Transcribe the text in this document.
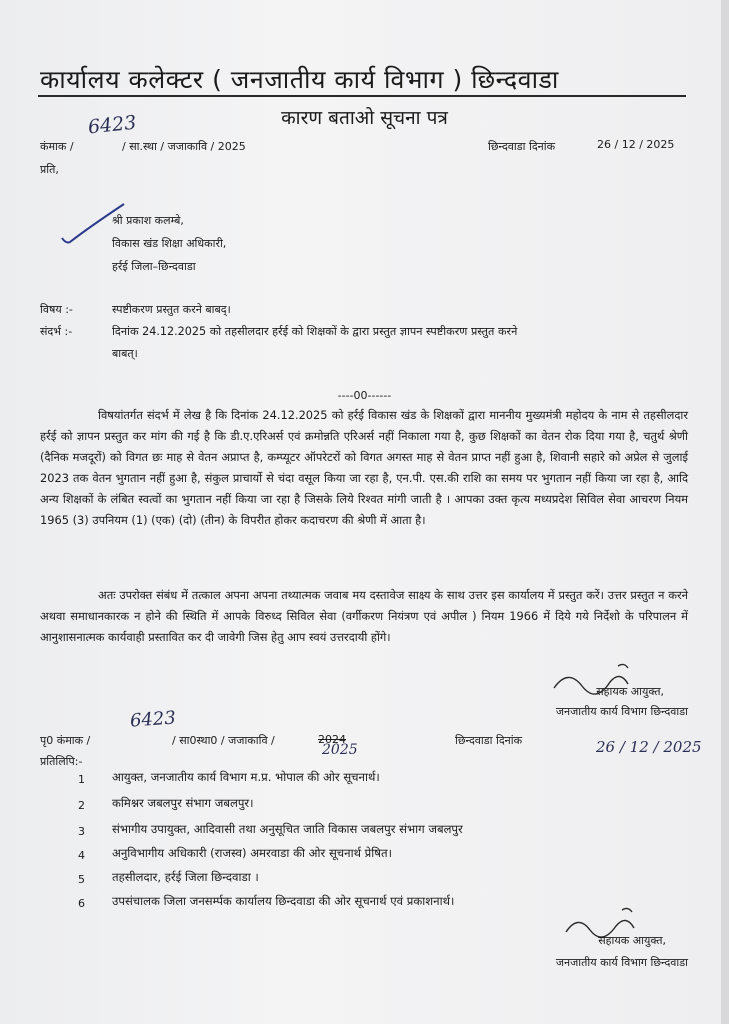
कार्यालय कलेक्टर ( जनजातीय कार्य विभाग ) छिन्दवाडा
कारण बताओ सूचना पत्र
कंमाक /
6423
/ सा.स्था / जजाकावि / 2025	छिन्दवाडा दिनांक	26 / 12 / 2025
प्रति,
श्री प्रकाश कलम्बे,
विकास खंड शिक्षा अधिकारी,
हर्रई जिला–छिन्दवाडा
विषय :-	स्पष्टीकरण प्रस्तुत करने बाबद्।
संदर्भ :-	दिनांक 24.12.2025 को तहसीलदार हर्रई को शिक्षकों के द्वारा प्रस्तुत ज्ञापन स्पष्टीकरण प्रस्तुत करने
बाबत्।
----00------
विषयांतर्गत संदर्भ में लेख है कि दिनांक 24.12.2025 को हर्रई विकास खंड के शिक्षकों द्वारा माननीय मुख्यमंत्री महोदय के नाम से तहसीलदार हर्रई को ज्ञापन प्रस्तुत कर मांग की गई है कि डी.ए.एरिअर्स एवं क्रमोन्नति एरिअर्स नहीं निकाला गया है, कुछ शिक्षकों का वेतन रोक दिया गया है, चतुर्थ श्रेणी (दैनिक मजदूरों) को विगत छः माह से वेतन अप्राप्त है, कम्प्यूटर ऑपरेटरों को विगत अगस्त माह से वेतन प्राप्त नहीं हुआ है, शिवानी सहारे को अप्रेल से जुलाई 2023 तक वेतन भुगतान नहीं हुआ है, संकुल प्राचार्यो से चंदा वसूल किया जा रहा है, एन.पी. एस.की राशि का समय पर भुगतान नहीं किया जा रहा है, आदि अन्य शिक्षकों के लंबित स्वत्वों का भुगतान नहीं किया जा रहा है जिसके लिये रिश्वत मांगी जाती है । आपका उक्त कृत्य मध्यप्रदेश सिविल सेवा आचरण नियम 1965 (3) उपनियम (1) (एक) (दो) (तीन) के विपरीत होकर कदाचरण की श्रेणी में आता है।
अतः उपरोक्त संबंध में तत्काल अपना अपना तथ्यात्मक जवाब मय दस्तावेज साक्ष्य के साथ उत्तर इस कार्यालय में प्रस्तुत करें। उत्तर प्रस्तुत न करने अथवा समाधानकारक न होने की स्थिति में आपके विरुध्द सिविल सेवा (वर्गीकरण नियंत्रण एवं अपील ) नियम 1966 में दिये गये निर्देशो के परिपालन में आनुशासनात्मक कार्यवाही प्रस्तावित कर दी जावेगी जिस हेतु आप स्वयं उत्तरदायी होंगे।
सहायक आयुक्त,
जनजातीय कार्य विभाग छिन्दवाडा
पृ0 कंमाक /
6423
/ सा0स्था0 / जजाकावि /	2024
2025
छिन्दवाडा दिनांक	26 / 12 / 2025
प्रतिलिपि:-
1 आयुक्त, जनजातीय कार्य विभाग म.प्र. भोपाल की ओर सूचनार्थ।
2 कमिश्नर जबलपुर संभाग जबलपुर।
3 संभागीय उपायुक्त, आदिवासी तथा अनुसूचित जाति विकास जबलपुर संभाग जबलपुर
4 अनुविभागीय अधिकारी (राजस्व) अमरवाडा की ओर सूचनार्थ प्रेषित।
5 तहसीलदार, हर्रई जिला छिन्दवाडा ।
6 उपसंचालक जिला जनसर्म्पक कार्यालय छिन्दवाडा की ओर सूचनार्थ एवं प्रकाशनार्थ।
सहायक आयुक्त,
जनजातीय कार्य विभाग छिन्दवाडा
